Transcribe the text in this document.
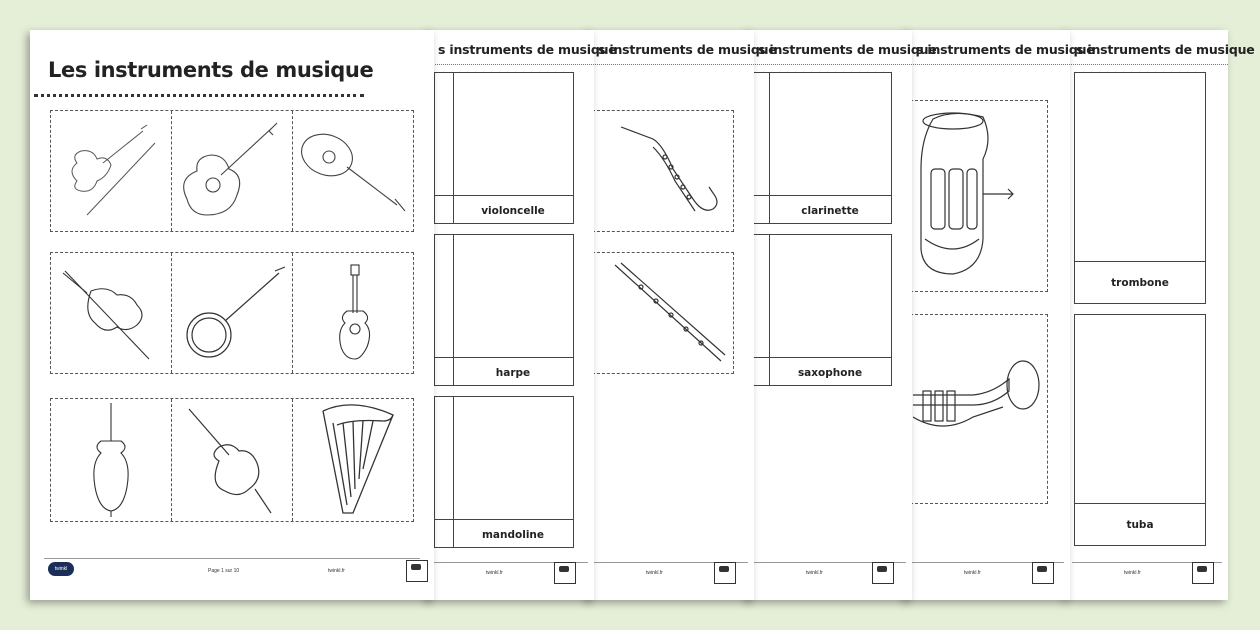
s instruments de musique
trombone
tuba
twinkl.fr
s instruments de musique
twinkl.fr
s instruments de musique
clarinette
saxophone
twinkl.fr
s instruments de musique
twinkl.fr
s instruments de musique
violoncelle
harpe
mandoline
twinkl.fr
Les instruments de musique
twinkl	Page 1 sur 10	twinkl.fr
